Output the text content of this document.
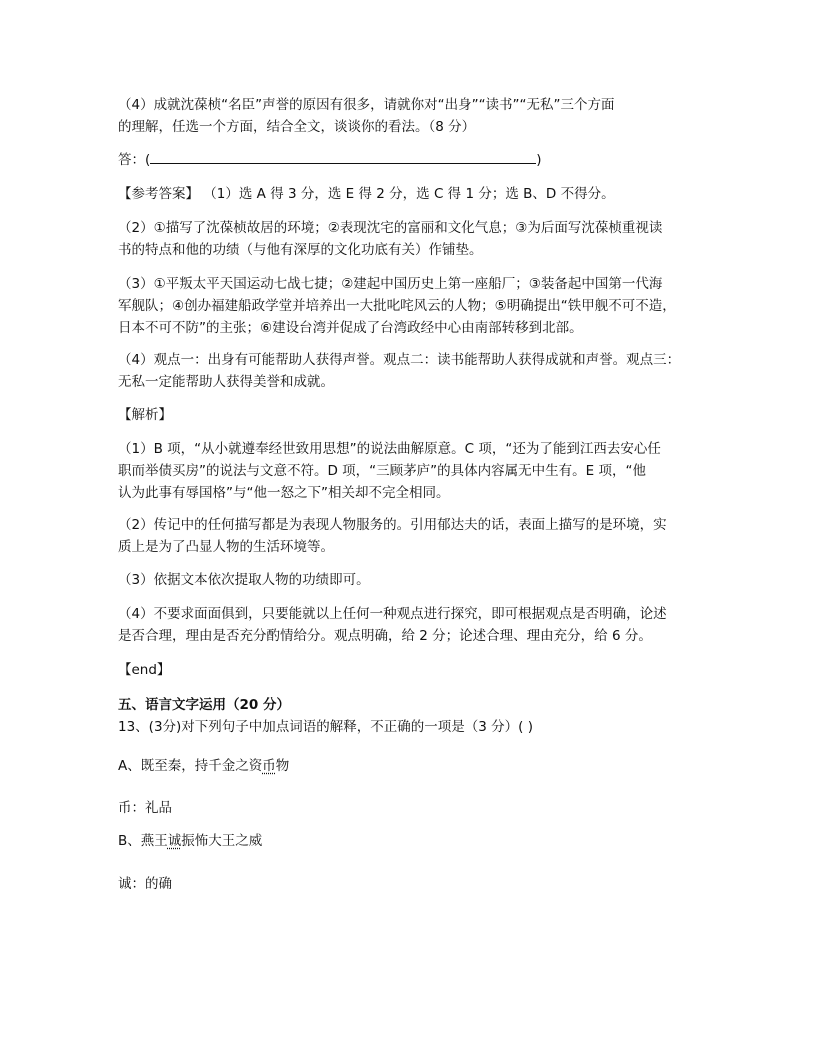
（4）成就沈葆桢“名臣”声誉的原因有很多，请就你对“出身”“读书”“无私”三个方面
的理解，任选一个方面，结合全文，谈谈你的看法。（8 分）
答：(	)
【参考答案】 （1）选 A 得 3 分，选 E 得 2 分，选 C 得 1 分；选 B、D 不得分。
（2）①描写了沈葆桢故居的环境；②表现沈宅的富丽和文化气息；③为后面写沈葆桢重视读
书的特点和他的功绩（与他有深厚的文化功底有关）作铺垫。
（3）①平叛太平天国运动七战七捷；②建起中国历史上第一座船厂；③装备起中国第一代海
军舰队；④创办福建船政学堂并培养出一大批叱咤风云的人物；⑤明确提出“铁甲舰不可不造，
日本不可不防”的主张；⑥建设台湾并促成了台湾政经中心由南部转移到北部。
（4）观点一：出身有可能帮助人获得声誉。观点二：读书能帮助人获得成就和声誉。观点三：
无私一定能帮助人获得美誉和成就。
【解析】
（1）B 项，“从小就遵奉经世致用思想”的说法曲解原意。C 项，“还为了能到江西去安心任
职而举债买房”的说法与文意不符。D 项，“三顾茅庐”的具体内容属无中生有。E 项，“他
认为此事有辱国格”与“他一怒之下”相关却不完全相同。
（2）传记中的任何描写都是为表现人物服务的。引用郁达夫的话，表面上描写的是环境，实
质上是为了凸显人物的生活环境等。
（3）依据文本依次提取人物的功绩即可。
（4）不要求面面俱到，只要能就以上任何一种观点进行探究，即可根据观点是否明确，论述
是否合理，理由是否充分酌情给分。观点明确，给 2 分；论述合理、理由充分，给 6 分。
【end】
五、语言文字运用（20 分）
13、(3分)对下列句子中加点词语的解释，不正确的一项是（3 分）( )
A、既至秦，持千金之资币物
币：礼品
B、燕王诚振怖大王之威
诚：的确
